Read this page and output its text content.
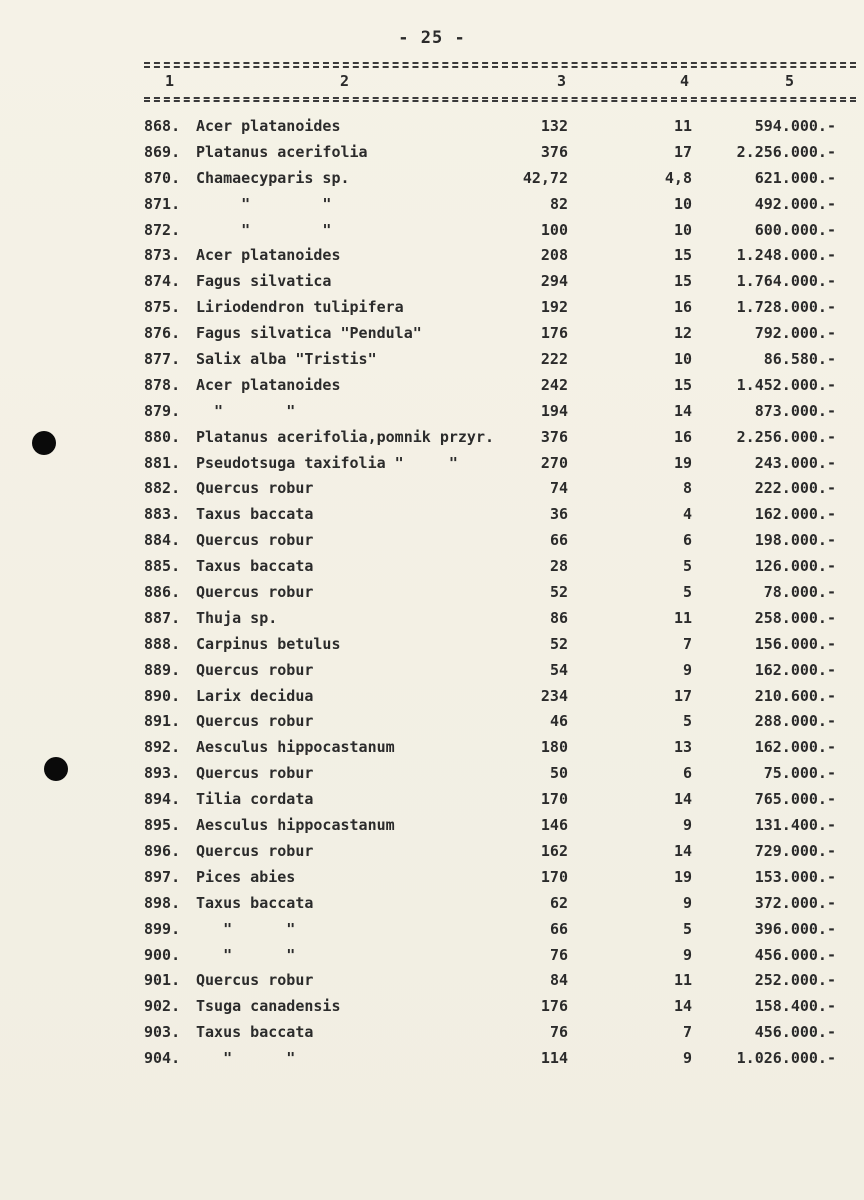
- 25 -
1	2	3	4	5
868. Acer platanoides	132	11	594.000.-
869. Platanus acerifolia	376	17	2.256.000.-
870. Chamaecyparis sp.	42,72	4,8	621.000.-
871. "        "	82	10	492.000.-
872. "        "	100	10	600.000.-
873. Acer platanoides	208	15	1.248.000.-
874. Fagus silvatica	294	15	1.764.000.-
875. Liriodendron tulipifera	192	16	1.728.000.-
876. Fagus silvatica "Pendula"	176	12	792.000.-
877. Salix alba "Tristis"	222	10	86.580.-
878. Acer platanoides	242	15	1.452.000.-
879. "       "	194	14	873.000.-
880. Platanus acerifolia,pomnik przyr.	376	16	2.256.000.-
881. Pseudotsuga taxifolia "     "	270	19	243.000.-
882. Quercus robur	74	8	222.000.-
883. Taxus baccata	36	4	162.000.-
884. Quercus robur	66	6	198.000.-
885. Taxus baccata	28	5	126.000.-
886. Quercus robur	52	5	78.000.-
887. Thuja sp.	86	11	258.000.-
888. Carpinus betulus	52	7	156.000.-
889. Quercus robur	54	9	162.000.-
890. Larix decidua	234	17	210.600.-
891. Quercus robur	46	5	288.000.-
892. Aesculus hippocastanum	180	13	162.000.-
893. Quercus robur	50	6	75.000.-
894. Tilia cordata	170	14	765.000.-
895. Aesculus hippocastanum	146	9	131.400.-
896. Quercus robur	162	14	729.000.-
897. Pices abies	170	19	153.000.-
898. Taxus baccata	62	9	372.000.-
899. "      "	66	5	396.000.-
900. "      "	76	9	456.000.-
901. Quercus robur	84	11	252.000.-
902. Tsuga canadensis	176	14	158.400.-
903. Taxus baccata	76	7	456.000.-
904. "      "	114	9	1.026.000.-
